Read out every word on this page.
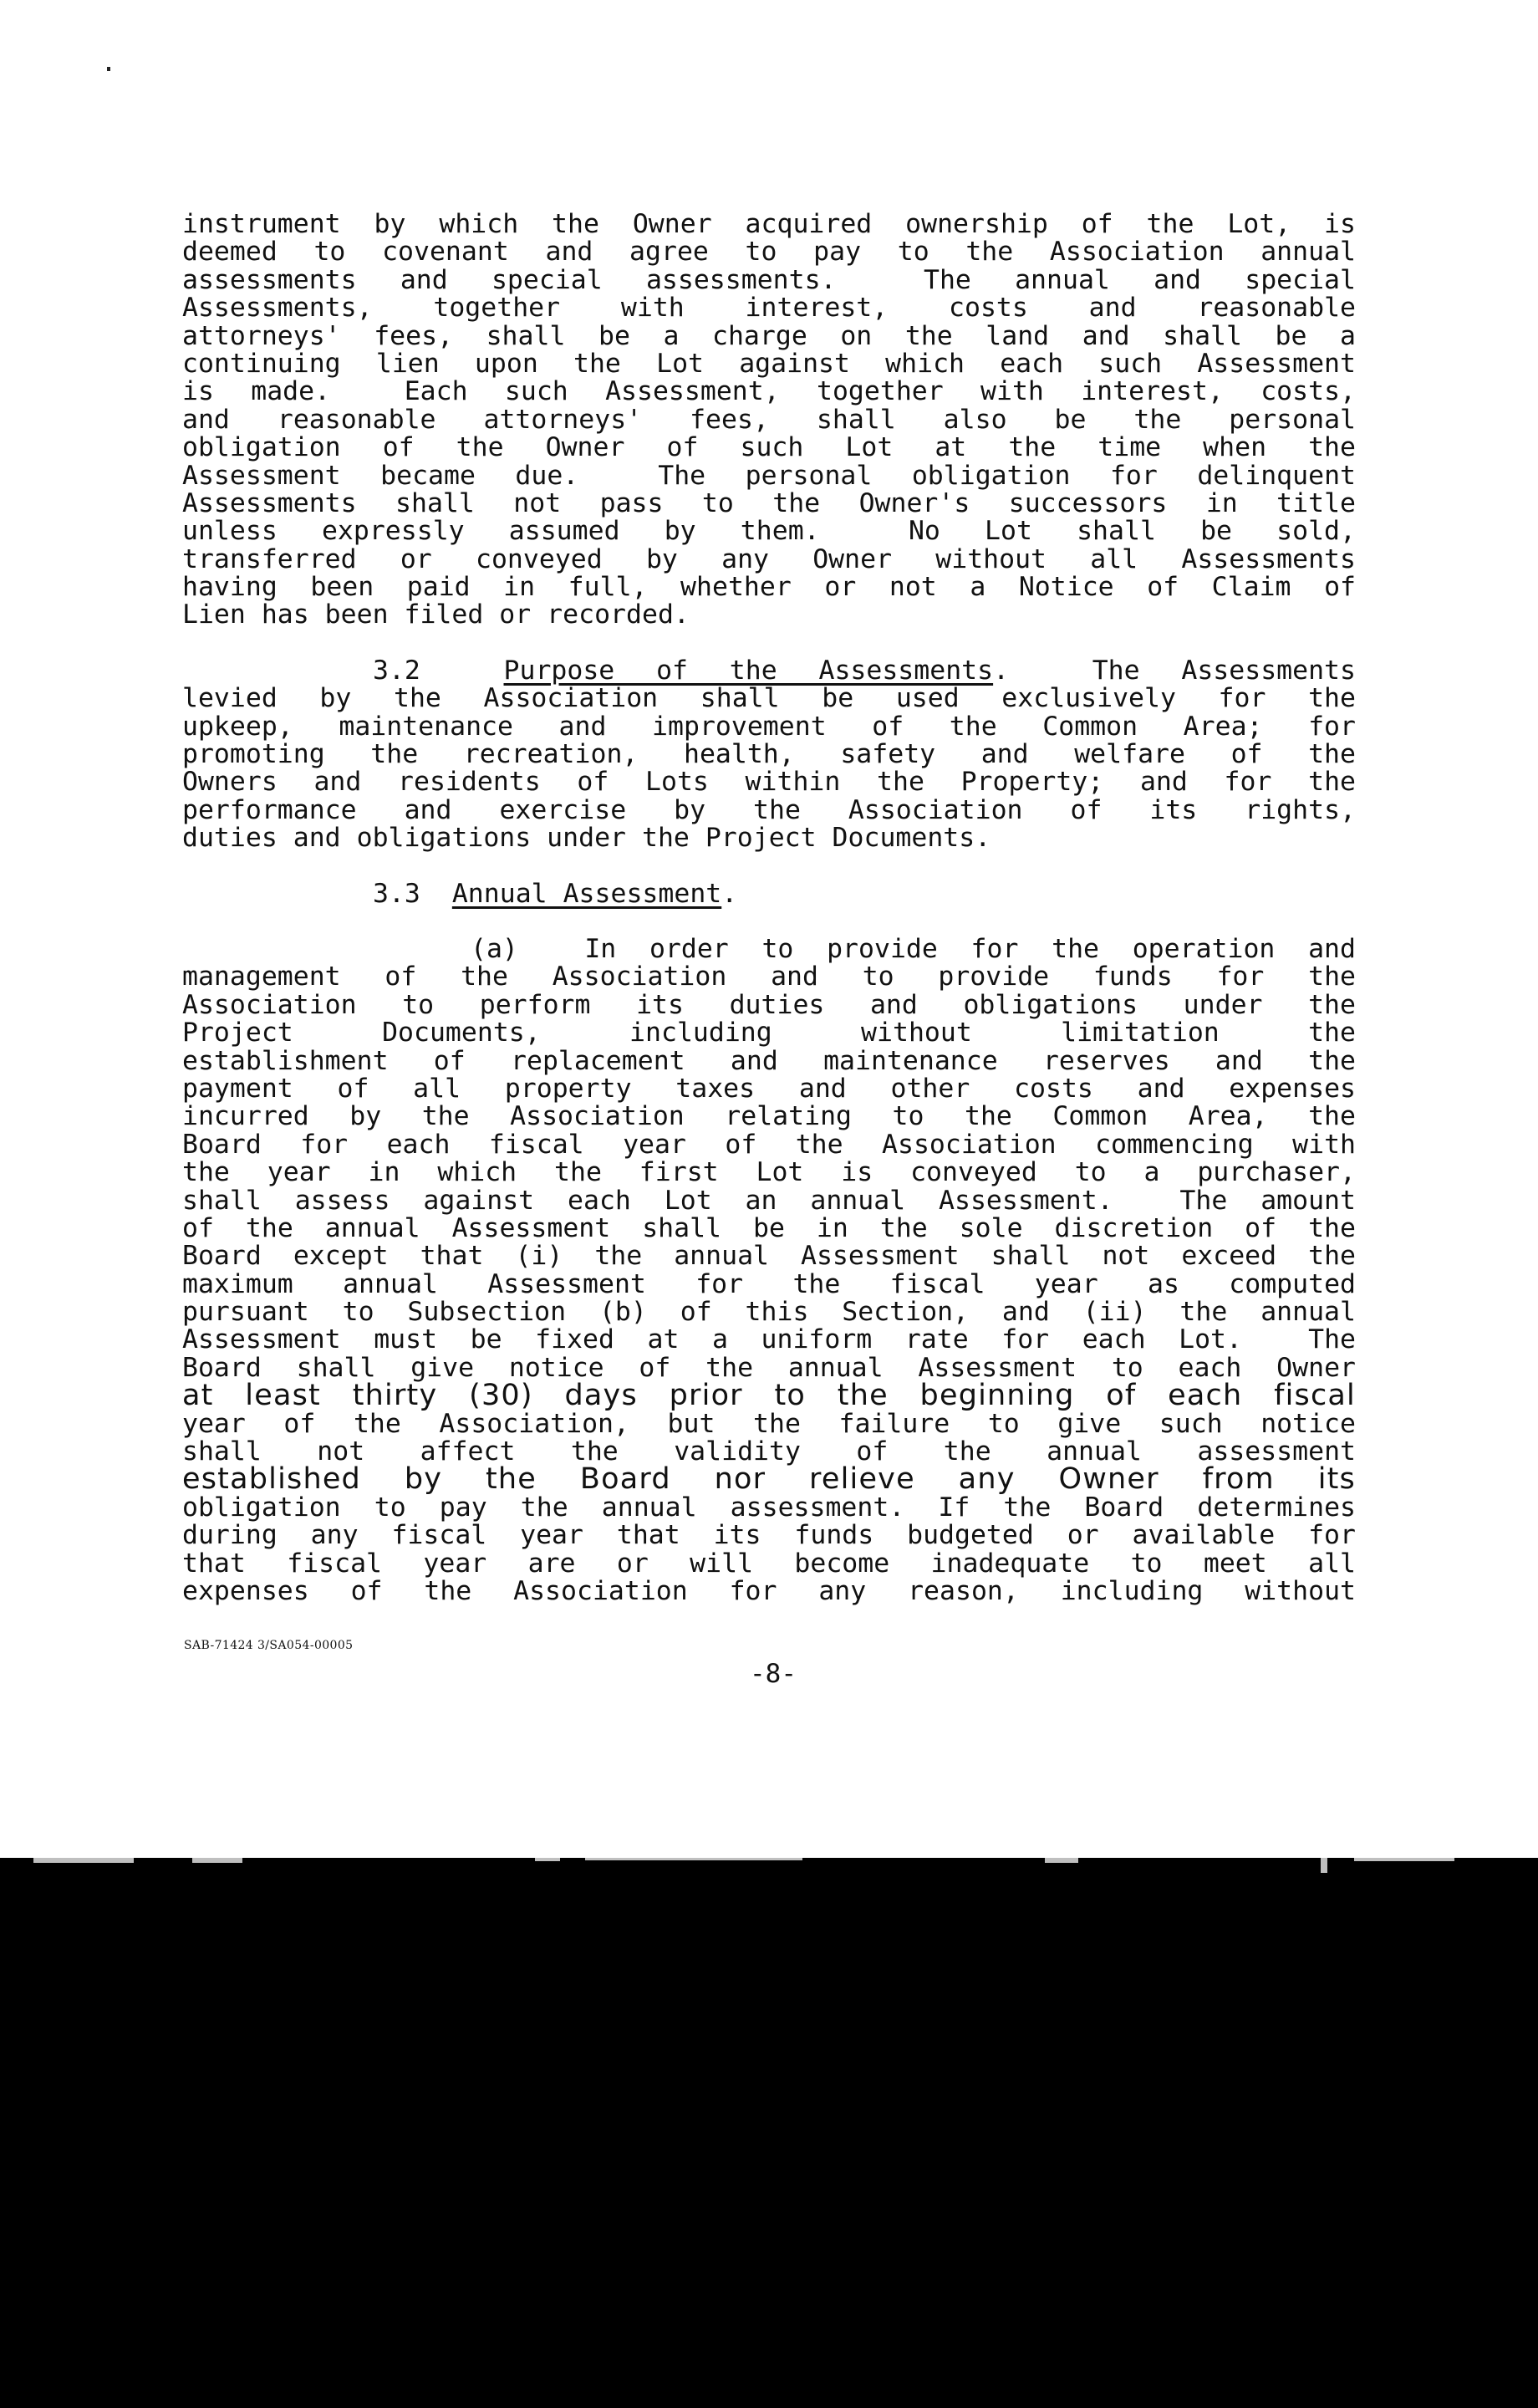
instrument by which the Owner acquired ownership of the Lot, is
deemed to covenant and agree to pay to the Association annual
assessments and special assessments.  The annual and special
Assessments, together with interest, costs and reasonable
attorneys' fees, shall be a charge on the land and shall be a
continuing lien upon the Lot against which each such Assessment
is made.  Each such Assessment, together with interest, costs,
and reasonable attorneys' fees, shall also be the personal
obligation of the Owner of such Lot at the time when the
Assessment became due.  The personal obligation for delinquent
Assessments shall not pass to the Owner's successors in title
unless expressly assumed by them.  No Lot shall be sold,
transferred or conveyed by any Owner without all Assessments
having been paid in full, whether or not a Notice of Claim of
Lien has been filed or recorded.
3.2	Purpose of the Assessments.	The Assessments
levied by the Association shall be used exclusively for the
upkeep, maintenance and improvement of the Common Area; for
promoting the recreation, health, safety and welfare of the
Owners and residents of Lots within the Property; and for the
performance and exercise by the Association of its rights,
duties and obligations under the Project Documents.
3.3 Annual Assessment.
(a)	In order to provide for the operation and
management of the Association and to provide funds for the
Association to perform its duties and obligations under the
Project Documents, including without limitation the
establishment of replacement and maintenance reserves and the
payment of all property taxes and other costs and expenses
incurred by the Association relating to the Common Area, the
Board for each fiscal year of the Association commencing with
the year in which the first Lot is conveyed to a purchaser,
shall assess against each Lot an annual Assessment.  The amount
of the annual Assessment shall be in the sole discretion of the
Board except that (i) the annual Assessment shall not exceed the
maximum annual Assessment for the fiscal year as computed
pursuant to Subsection (b) of this Section, and (ii) the annual
Assessment must be fixed at a uniform rate for each Lot.  The
Board shall give notice of the annual Assessment to each Owner
at least thirty (30) days prior to the beginning of each fiscal
year of the Association, but the failure to give such notice
shall not affect the validity of the annual assessment
established by the Board nor relieve any Owner from its
obligation to pay the annual assessment. If the Board determines
during any fiscal year that its funds budgeted or available for
that fiscal year are or will become inadequate to meet all
expenses of the Association for any reason, including without
SAB-71424 3/SA054-00005
-8-
